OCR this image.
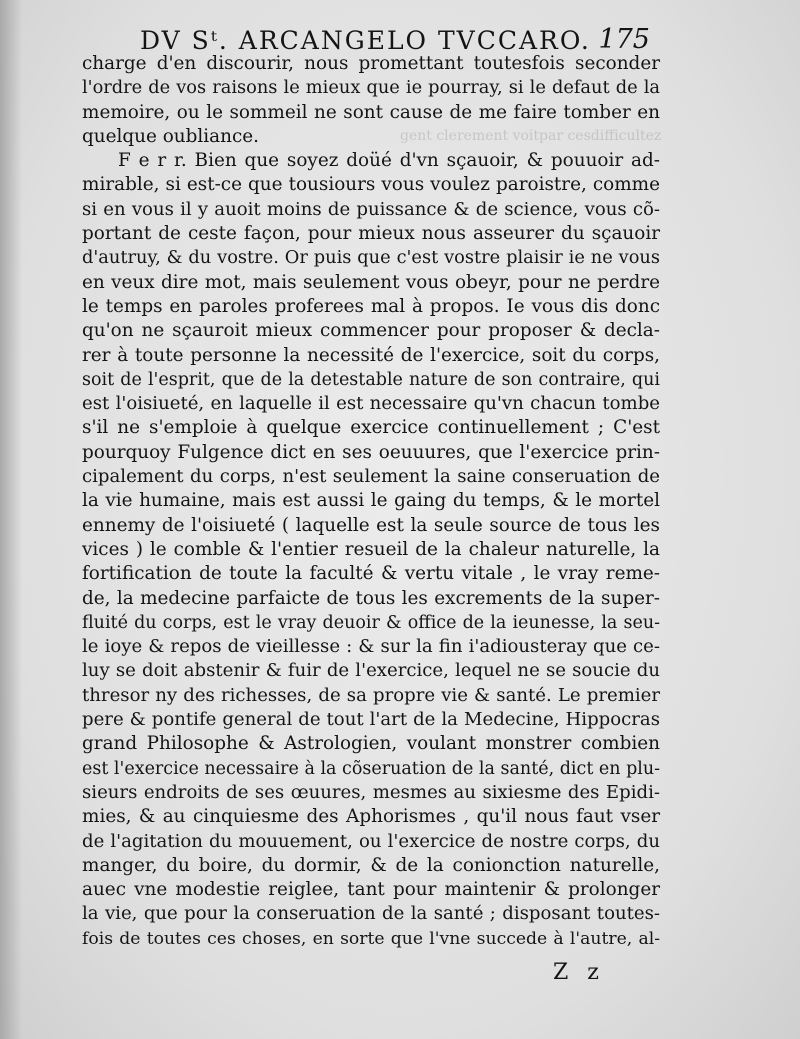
gent clerement voitpar cesdifficultez
DV Sᵗ. ARCANGELO TVCCARO. 175
charge d'en discourir, nous promettant toutesfois seconder
l'ordre de vos raisons le mieux que ie pourray, si le defaut de la
memoire, ou le sommeil ne sont cause de me faire tomber en
quelque oubliance.
F e r r. Bien que soyez doüé d'vn sçauoir, & pouuoir ad-
mirable, si est-ce que tousiours vous voulez paroistre, comme
si en vous il y auoit moins de puissance & de science, vous cõ-
portant de ceste façon, pour mieux nous asseurer du sçauoir
d'autruy, & du vostre. Or puis que c'est vostre plaisir ie ne vous
en veux dire mot, mais seulement vous obeyr, pour ne perdre
le temps en paroles proferees mal à propos. Ie vous dis donc
qu'on ne sçauroit mieux commencer pour proposer & decla-
rer à toute personne la necessité de l'exercice, soit du corps,
soit de l'esprit, que de la detestable nature de son contraire, qui
est l'oisiueté, en laquelle il est necessaire qu'vn chacun tombe
s'il ne s'emploie à quelque exercice continuellement ; C'est
pourquoy Fulgence dict en ses oeuuures, que l'exercice prin-
cipalement du corps, n'est seulement la saine conseruation de
la vie humaine, mais est aussi le gaing du temps, & le mortel
ennemy de l'oisiueté ( laquelle est la seule source de tous les
vices ) le comble & l'entier resueil de la chaleur naturelle, la
fortification de toute la faculté & vertu vitale , le vray reme-
de, la medecine parfaicte de tous les excrements de la super-
fluité du corps, est le vray deuoir & office de la ieunesse, la seu-
le ioye & repos de vieillesse : & sur la fin i'adiousteray que ce-
luy se doit abstenir & fuir de l'exercice, lequel ne se soucie du
thresor ny des richesses, de sa propre vie & santé. Le premier
pere & pontife general de tout l'art de la Medecine, Hippocras
grand Philosophe & Astrologien, voulant monstrer combien
est l'exercice necessaire à la cõseruation de la santé, dict en plu-
sieurs endroits de ses œuures, mesmes au sixiesme des Epidi-
mies, & au cinquiesme des Aphorismes , qu'il nous faut vser
de l'agitation du mouuement, ou l'exercice de nostre corps, du
manger, du boire, du dormir, & de la conionction naturelle,
auec vne modestie reiglee, tant pour maintenir & prolonger
la vie, que pour la conseruation de la santé ; disposant toutes-
fois de toutes ces choses, en sorte que l'vne succede à l'autre, al-
Z z
